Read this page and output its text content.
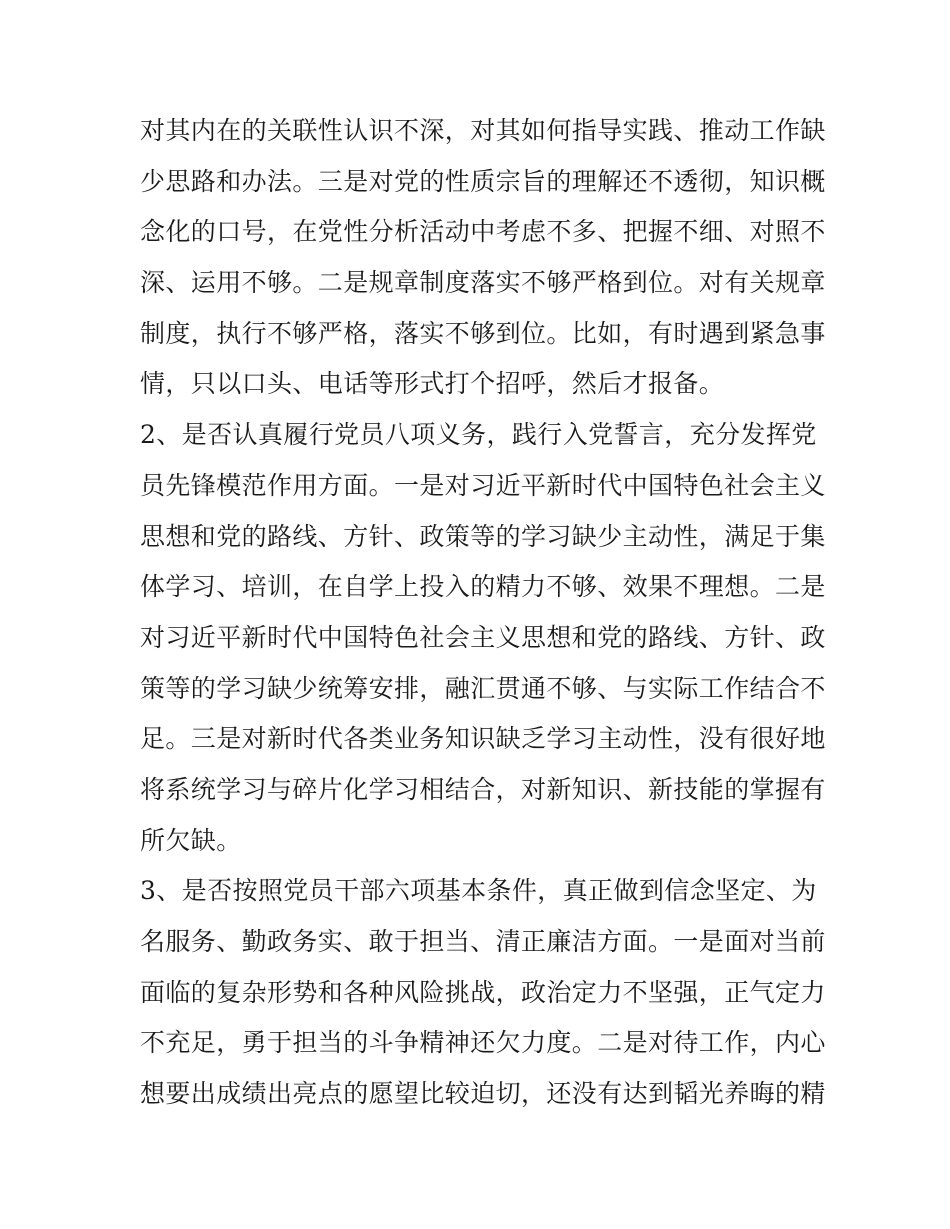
对其内在的关联性认识不深，对其如何指导实践、推动工作缺
少思路和办法。三是对党的性质宗旨的理解还不透彻，知识概
念化的口号，在党性分析活动中考虑不多、把握不细、对照不
深、运用不够。二是规章制度落实不够严格到位。对有关规章
制度，执行不够严格，落实不够到位。比如，有时遇到紧急事
情，只以口头、电话等形式打个招呼，然后才报备。
2、是否认真履行党员八项义务，践行入党誓言，充分发挥党
员先锋模范作用方面。一是对习近平新时代中国特色社会主义
思想和党的路线、方针、政策等的学习缺少主动性，满足于集
体学习、培训，在自学上投入的精力不够、效果不理想。二是
对习近平新时代中国特色社会主义思想和党的路线、方针、政
策等的学习缺少统筹安排，融汇贯通不够、与实际工作结合不
足。三是对新时代各类业务知识缺乏学习主动性，没有很好地
将系统学习与碎片化学习相结合，对新知识、新技能的掌握有
所欠缺。
3、是否按照党员干部六项基本条件，真正做到信念坚定、为
名服务、勤政务实、敢于担当、清正廉洁方面。一是面对当前
面临的复杂形势和各种风险挑战，政治定力不坚强，正气定力
不充足，勇于担当的斗争精神还欠力度。二是对待工作，内心
想要出成绩出亮点的愿望比较迫切，还没有达到韬光养晦的精
